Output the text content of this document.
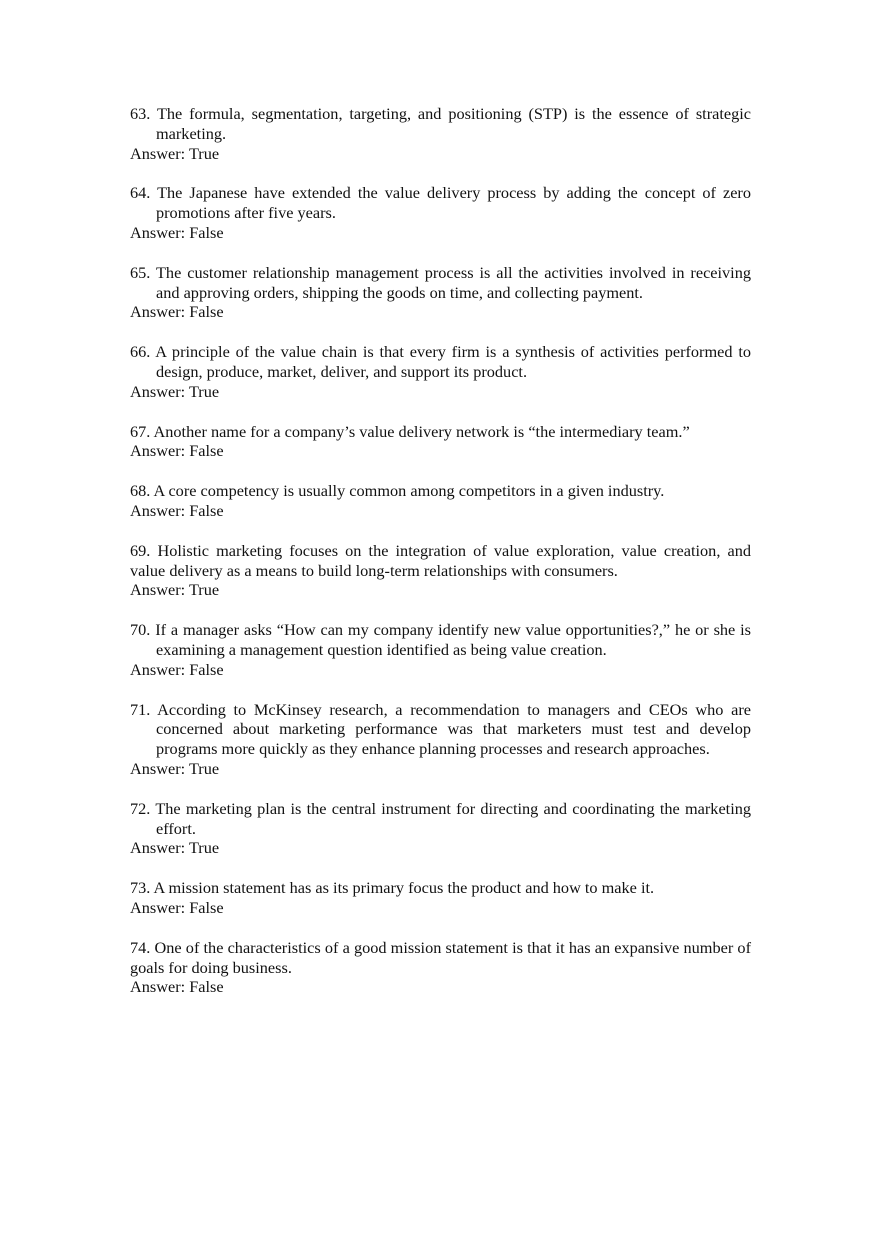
63. The formula, segmentation, targeting, and positioning (STP) is the essence of strategic marketing.
Answer: True
64. The Japanese have extended the value delivery process by adding the concept of zero promotions after five years.
Answer: False
65. The customer relationship management process is all the activities involved in receiving and approving orders, shipping the goods on time, and collecting payment.
Answer: False
66. A principle of the value chain is that every firm is a synthesis of activities performed to design, produce, market, deliver, and support its product.
Answer: True
67. Another name for a company’s value delivery network is “the intermediary team.”
Answer: False
68. A core competency is usually common among competitors in a given industry.
Answer: False
69. Holistic marketing focuses on the integration of value exploration, value creation, and value delivery as a means to build long-term relationships with consumers.
Answer: True
70. If a manager asks “How can my company identify new value opportunities?,” he or she is examining a management question identified as being value creation.
Answer: False
71. According to McKinsey research, a recommendation to managers and CEOs who are concerned about marketing performance was that marketers must test and develop programs more quickly as they enhance planning processes and research approaches.
Answer: True
72. The marketing plan is the central instrument for directing and coordinating the marketing effort.
Answer: True
73. A mission statement has as its primary focus the product and how to make it.
Answer: False
74. One of the characteristics of a good mission statement is that it has an expansive number of goals for doing business.
Answer: False
